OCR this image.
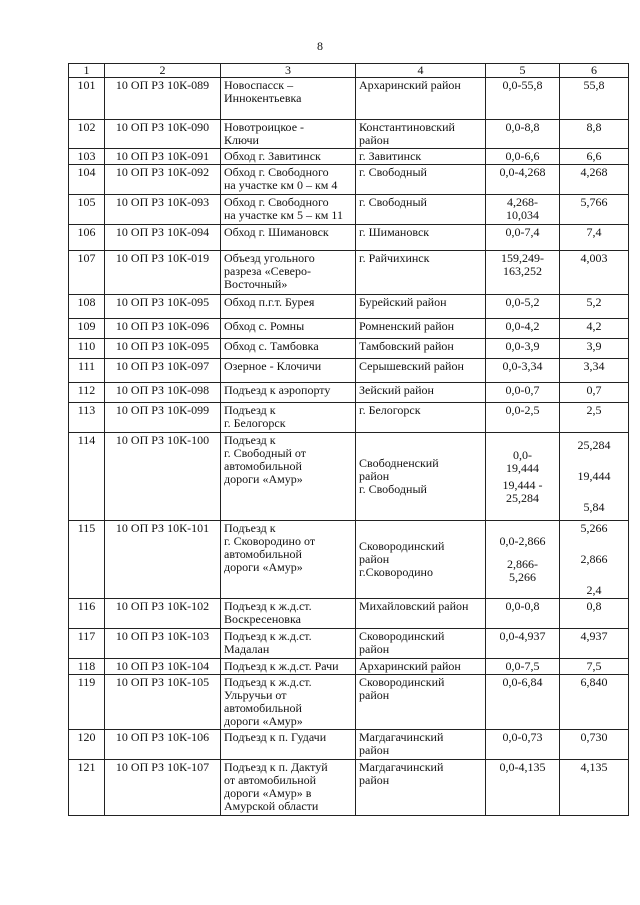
8
1	2	3	4	5	6
101	10 ОП РЗ 10К-089	Новоспасск –
Иннокентьевка	Архаринский район	0,0-55,8	55,8

102	10 ОП РЗ 10К-090	Новотроицкое -
Ключи	Константиновский
район	0,0-8,8	8,8

103	10 ОП РЗ 10К-091	Обход г. Завитинск	г. Завитинск	0,0-6,6	6,6

104	10 ОП РЗ 10К-092	Обход г. Свободного
на участке км 0 – км 4	г. Свободный	0,0-4,268	4,268

105	10 ОП РЗ 10К-093	Обход г. Свободного
на участке км 5 – км 11	г. Свободный	4,268-
10,034	5,766

106	10 ОП РЗ 10К-094	Обход г. Шимановск	г. Шимановск	0,0-7,4	7,4

107	10 ОП РЗ 10К-019	Объезд угольного
разреза «Северо-
Восточный»	г. Райчихинск	159,249-
163,252	4,003

108	10 ОП РЗ 10К-095	Обход п.г.т. Бурея	Бурейский район	0,0-5,2	5,2

109	10 ОП РЗ 10К-096	Обход с. Ромны	Ромненский район	0,0-4,2	4,2

110	10 ОП РЗ 10К-095	Обход с. Тамбовка	Тамбовский район	0,0-3,9	3,9

111	10 ОП РЗ 10К-097	Озерное - Клочичи	Серышевский район	0,0-3,34	3,34

112	10 ОП РЗ 10К-098	Подъезд к аэропорту	Зейский район	0,0-0,7	0,7

113	10 ОП РЗ 10К-099	Подъезд к
г. Белогорск	г. Белогорск	0,0-2,5	2,5

114	10 ОП РЗ 10К-100	Подъезд к
г. Свободный от
автомобильной
дороги «Амур»	Свободненский
район
г. Свободный	0,0-
19,444
19,444 -
25,284	25,284
19,444
5,84

115	10 ОП РЗ 10К-101	Подъезд к
г. Сковородино от
автомобильной
дороги «Амур»	Сковородинский
район
г.Сковородино	0,0-2,866
2,866-
5,266	5,266
2,866
2,4

116	10 ОП РЗ 10К-102	Подъезд к ж.д.ст.
Воскресеновка	Михайловский район	0,0-0,8	0,8

117	10 ОП РЗ 10К-103	Подъезд к ж.д.ст.
Мадалан	Сковородинский
район	0,0-4,937	4,937

118	10 ОП РЗ 10К-104	Подъезд к ж.д.ст. Рачи	Архаринский район	0,0-7,5	7,5

119	10 ОП РЗ 10К-105	Подъезд к ж.д.ст.
Ульручьи от
автомобильной
дороги «Амур»	Сковородинский
район	0,0-6,84	6,840

120	10 ОП РЗ 10К-106	Подъезд к п. Гудачи	Магдагачинский
район	0,0-0,73	0,730

121	10 ОП РЗ 10К-107	Подъезд к п. Дактуй
от автомобильной
дороги «Амур» в
Амурской области	Магдагачинский
район	0,0-4,135	4,135
